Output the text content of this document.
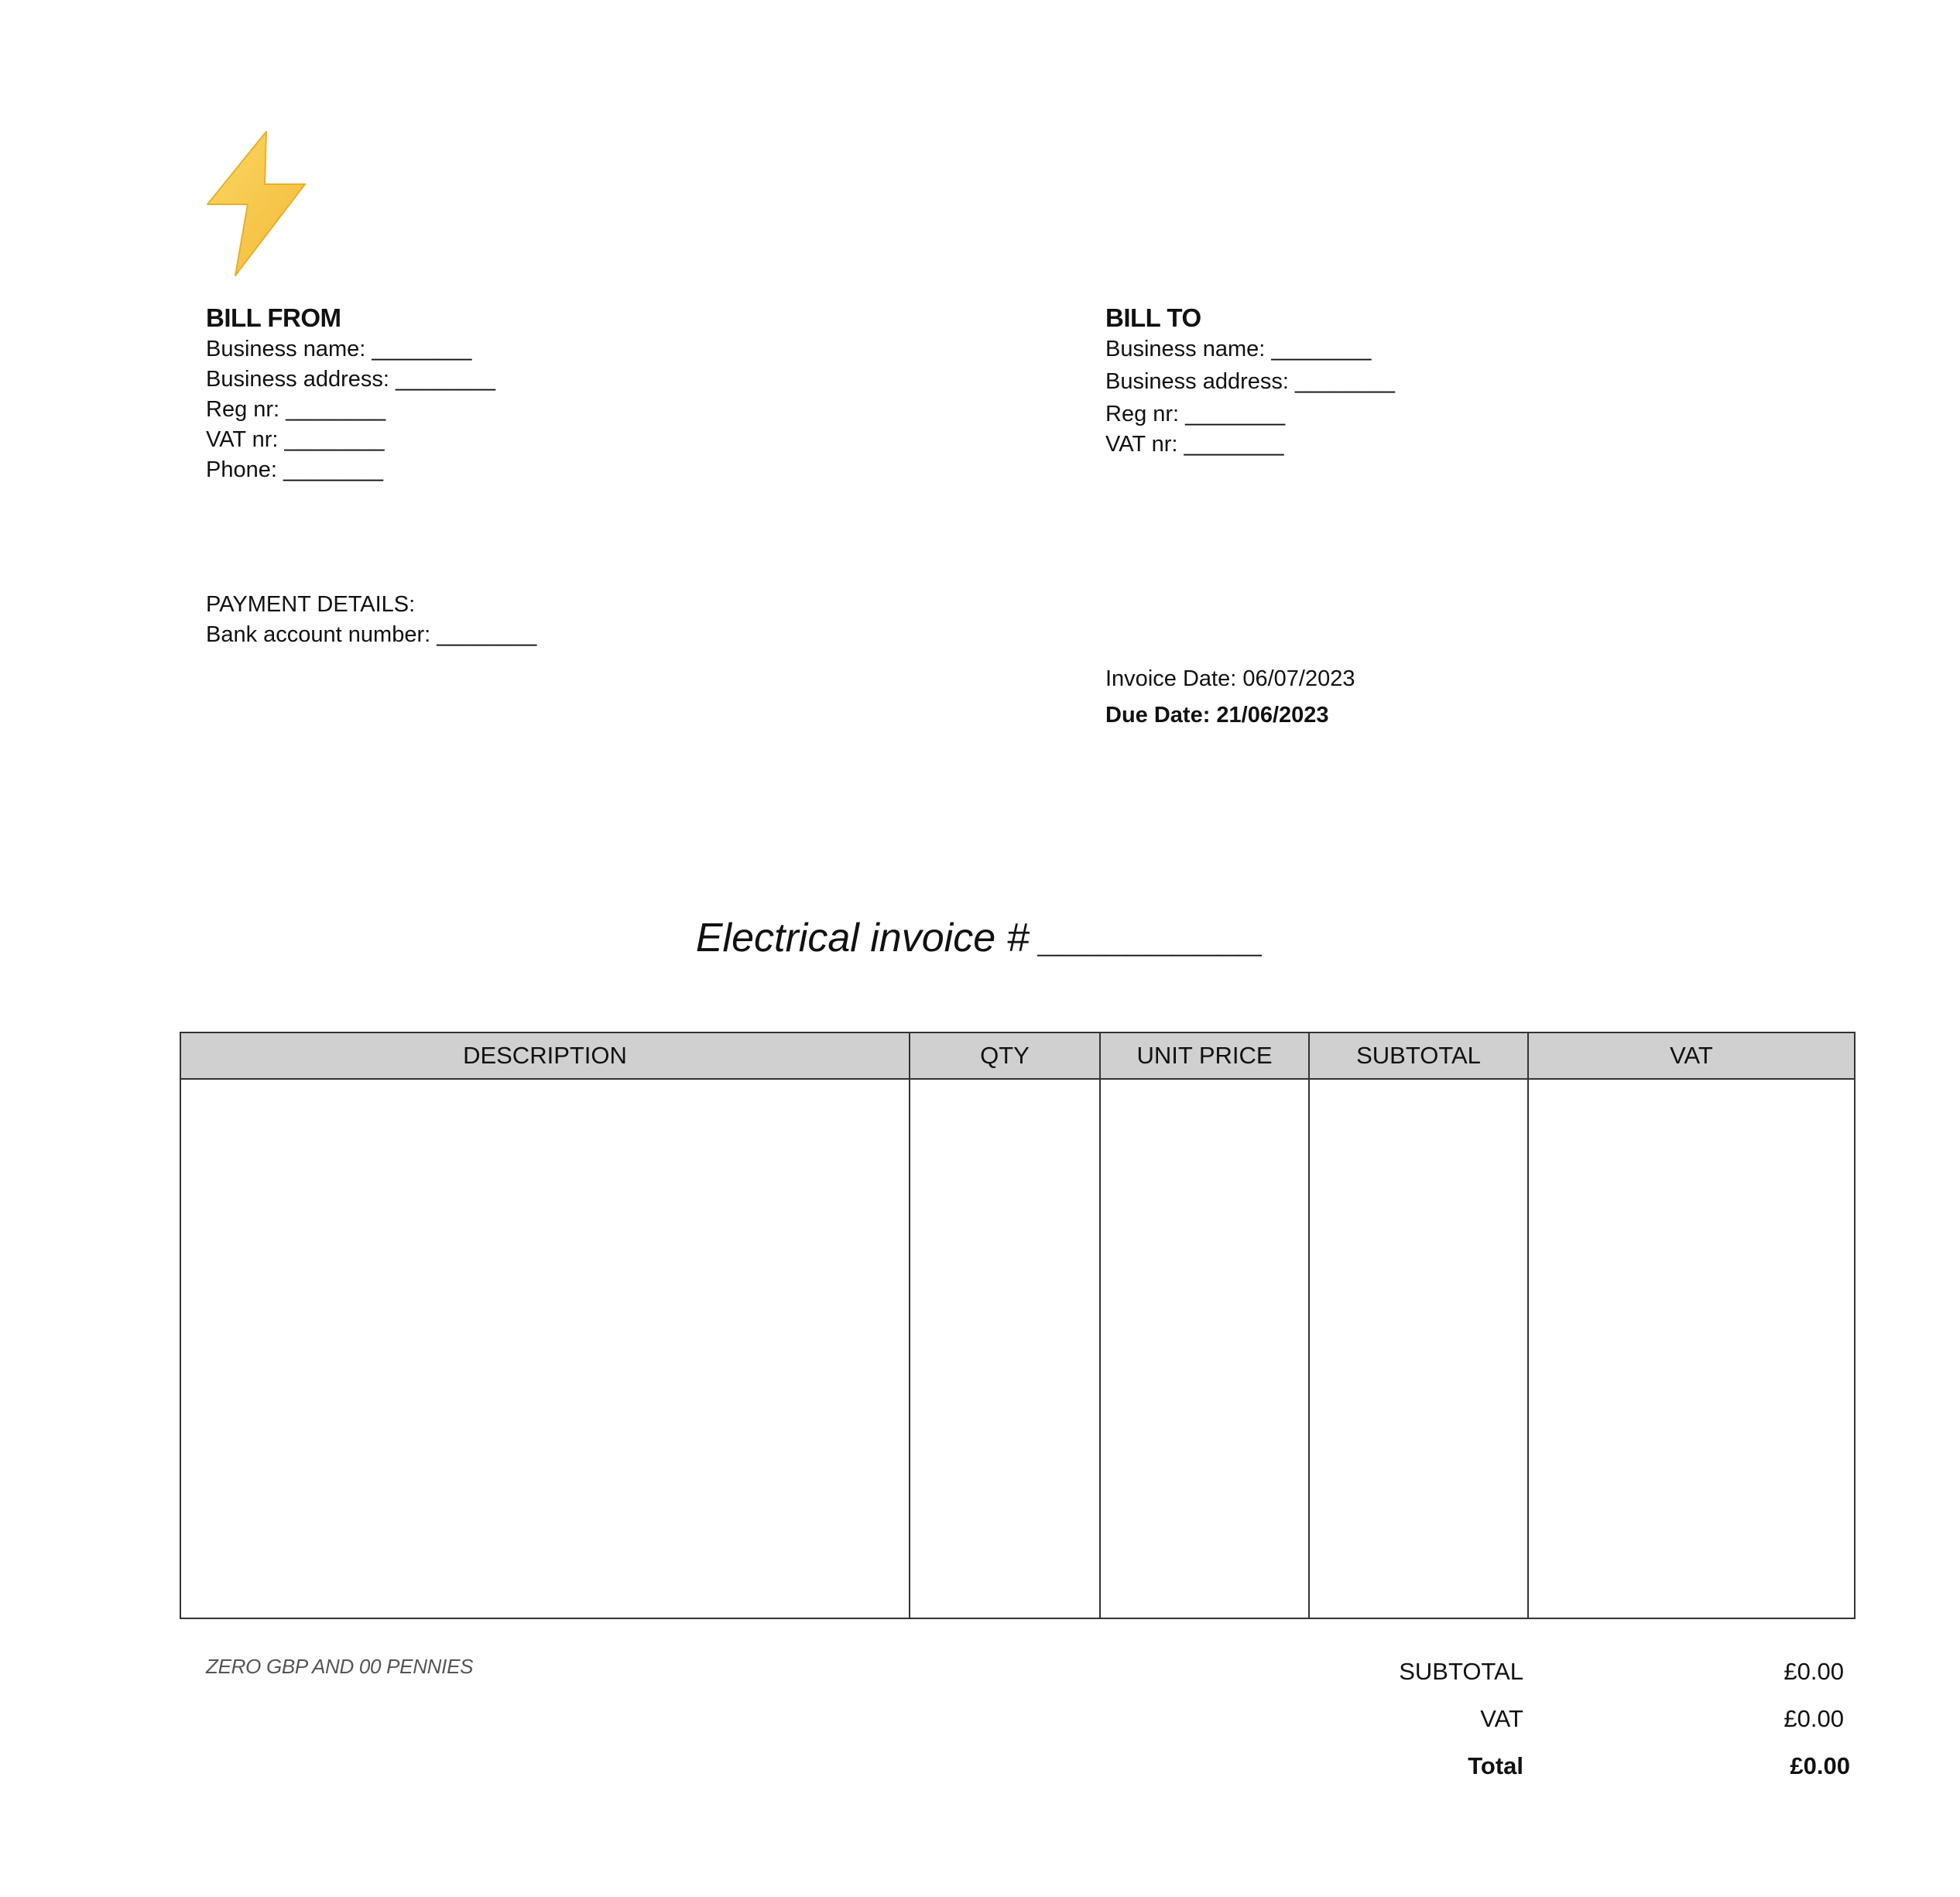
BILL FROM
Business name: ________
Business address: ________
Reg nr: ________
VAT nr: ________
Phone: ________
BILL TO
Business name: ________
Business address: ________
Reg nr: ________
VAT nr: ________
PAYMENT DETAILS:
Bank account number: ________
Invoice Date: 06/07/2023
Due Date: 21/06/2023
Electrical invoice # __________
DESCRIPTION	QTY	UNIT PRICE	SUBTOTAL	VAT

ZERO GBP AND 00 PENNIES	SUBTOTAL	£0.00
VAT	£0.00
Total	£0.00
